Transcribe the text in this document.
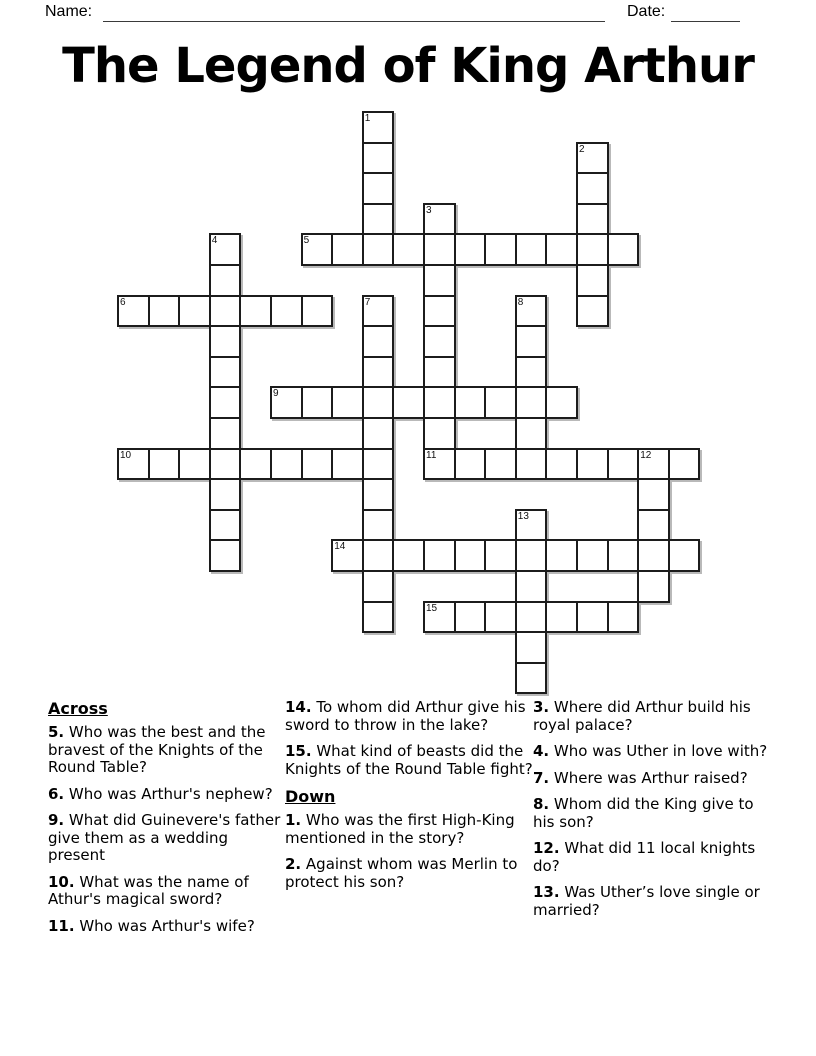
Name:	Date:
The Legend of King Arthur
1
2
3
4	5
6	7	8
9
10	11	12
13
14
15
Across
5. Who was the best and the bravest of the Knights of the Round Table?
6. Who was Arthur's nephew?
9. What did Guinevere's father give them as a wedding present
10. What was the name of Athur's magical sword?
11. Who was Arthur's wife?
14. To whom did Arthur give his sword to throw in the lake?
15. What kind of beasts did the Knights of the Round Table fight?
Down
1. Who was the first High-King mentioned in the story?
2. Against whom was Merlin to protect his son?
3. Where did Arthur build his royal palace?
4. Who was Uther in love with?
7. Where was Arthur raised?
8. Whom did the King give to his son?
12. What did 11 local knights do?
13. Was Uther’s love single or married?
